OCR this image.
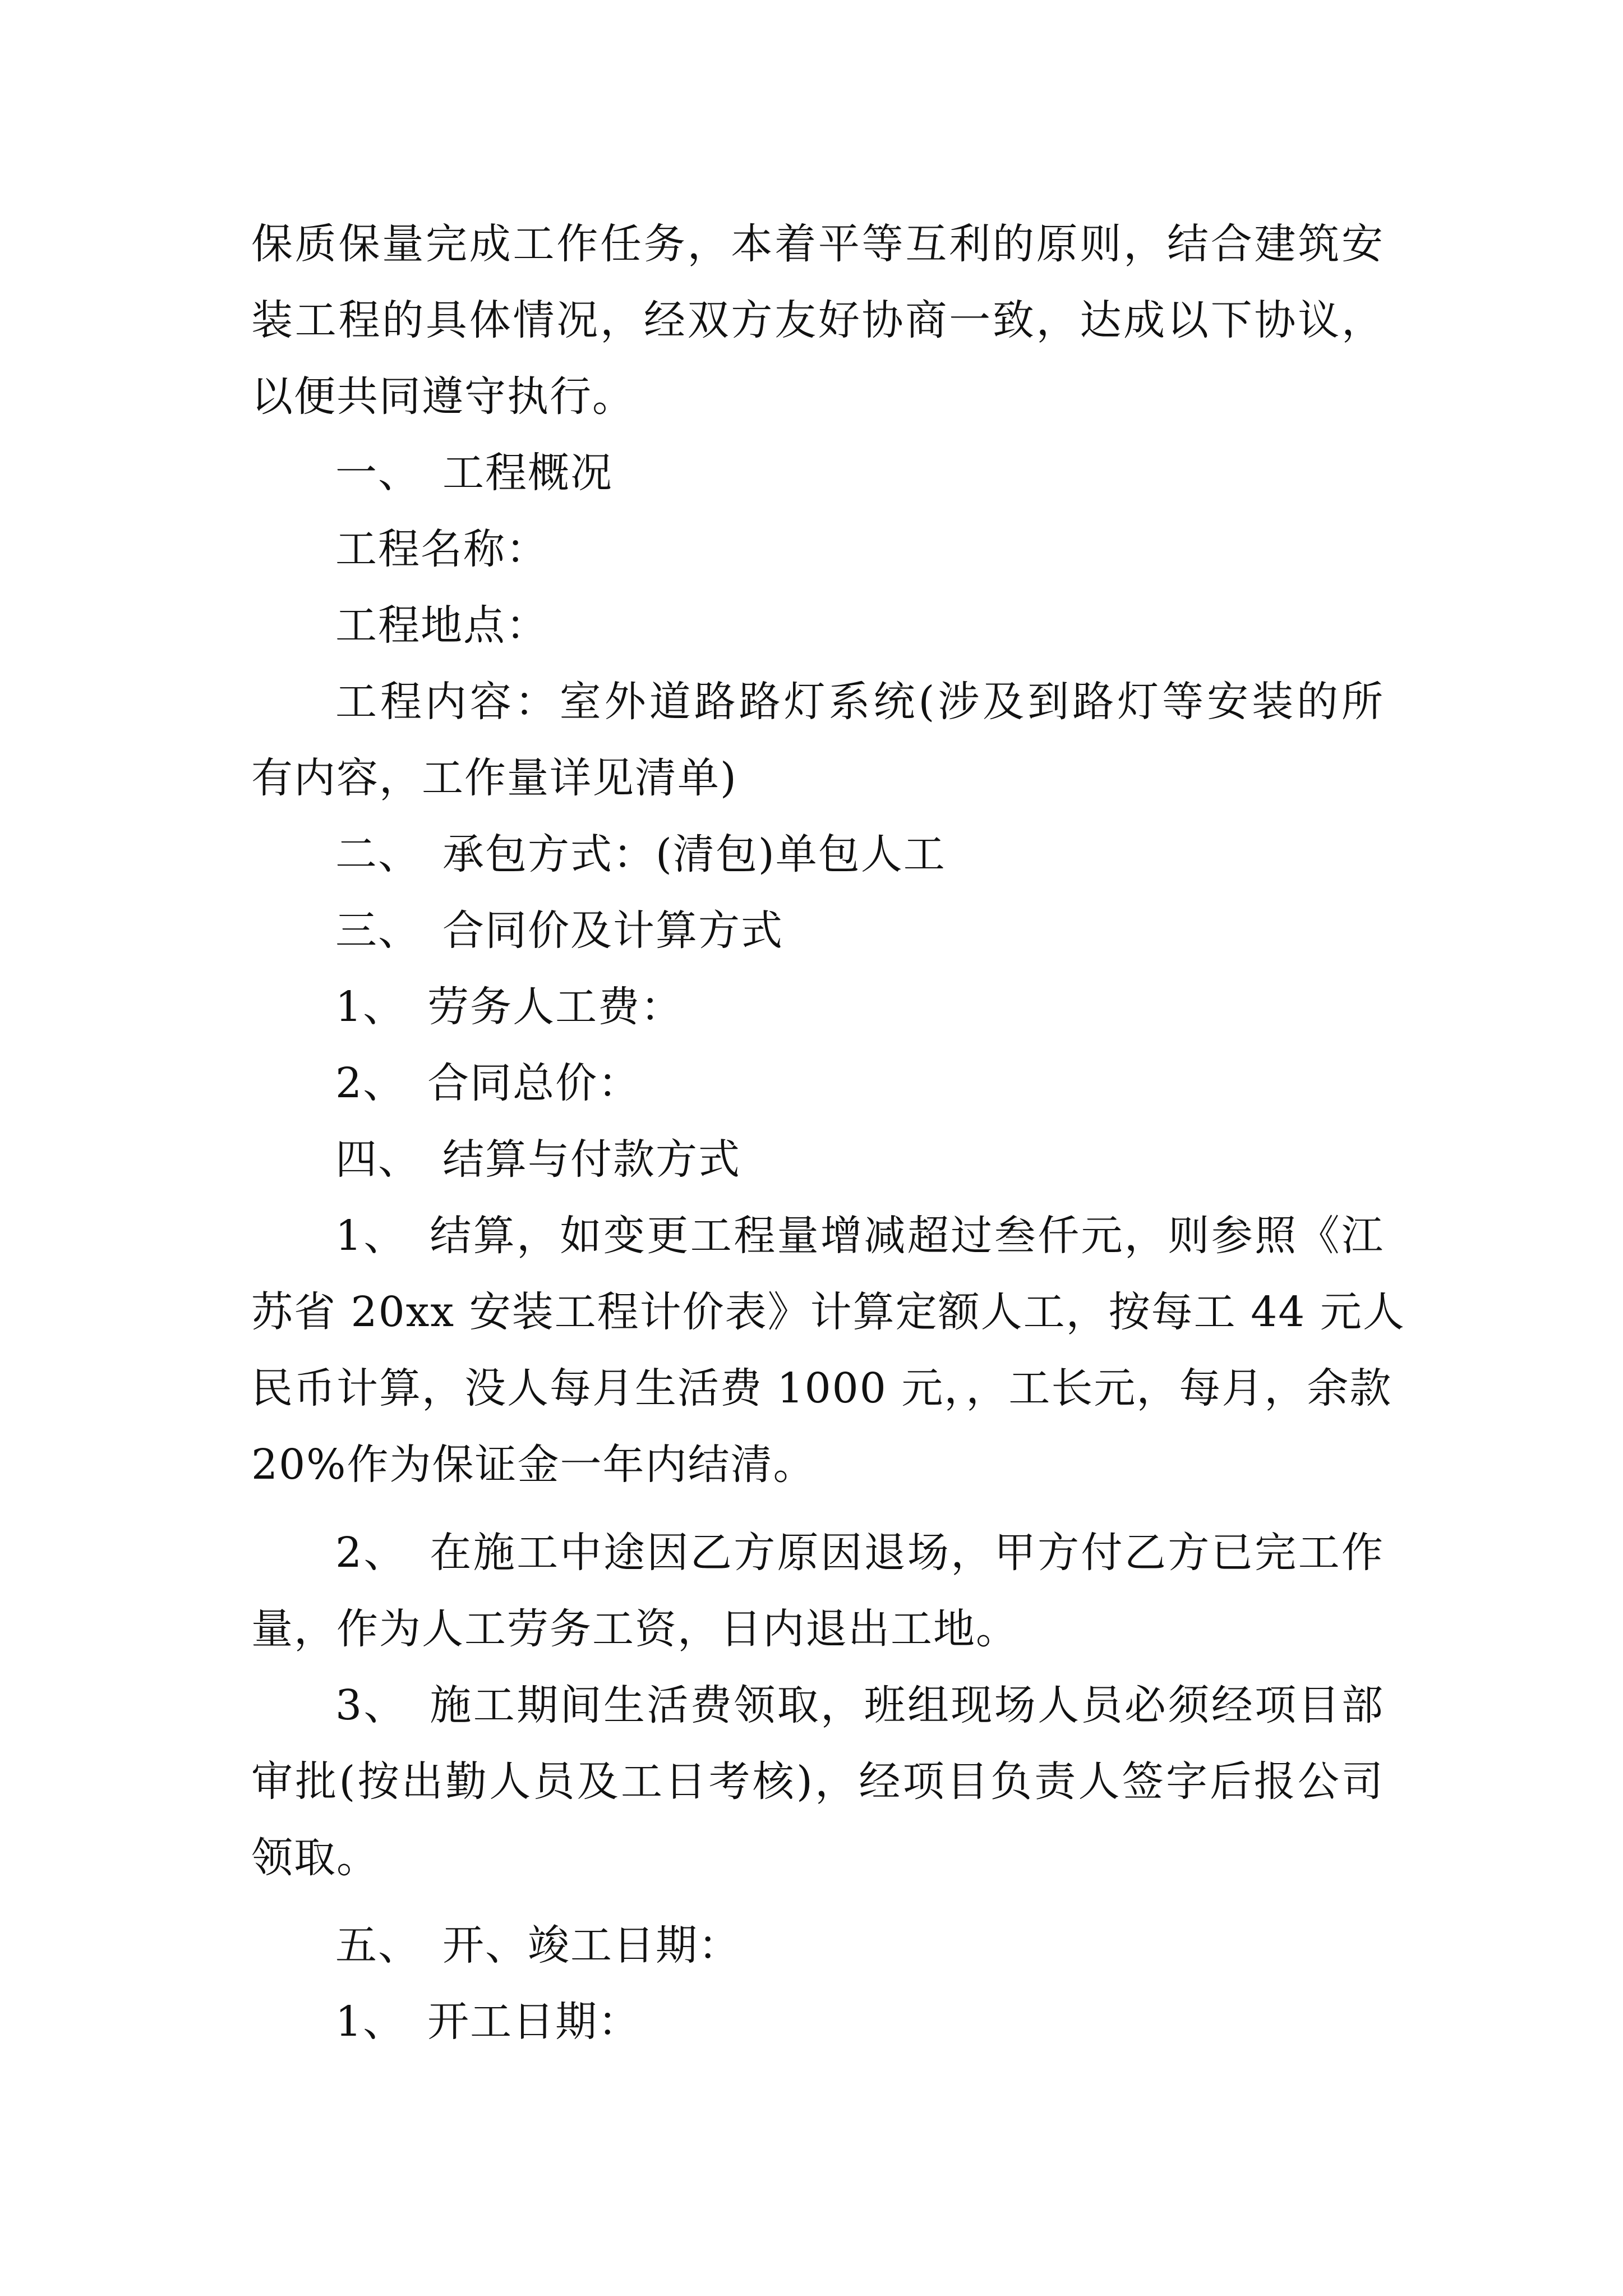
保质保量完成工作任务，本着平等互利的原则，结合建筑安
装工程的具体情况，经双方友好协商一致，达成以下协议，
以便共同遵守执行。
一、　工程概况
工程名称：
工程地点：
工程内容：室外道路路灯系统(涉及到路灯等安装的所
有内容，工作量详见清单)
二、　承包方式：(清包)单包人工
三、　合同价及计算方式
1、　劳务人工费：
2、　合同总价：
四、　结算与付款方式
1、　结算，如变更工程量增减超过叁仟元，则参照《江
苏省 20xx 安装工程计价表》计算定额人工，按每工 44 元人
民币计算，没人每月生活费 1000 元，，工长元，每月，余款
20%作为保证金一年内结清。
2、　在施工中途因乙方原因退场，甲方付乙方已完工作
量，作为人工劳务工资，日内退出工地。
3、　施工期间生活费领取，班组现场人员必须经项目部
审批(按出勤人员及工日考核)，经项目负责人签字后报公司
领取。
五、　开、竣工日期：
1、　开工日期：
